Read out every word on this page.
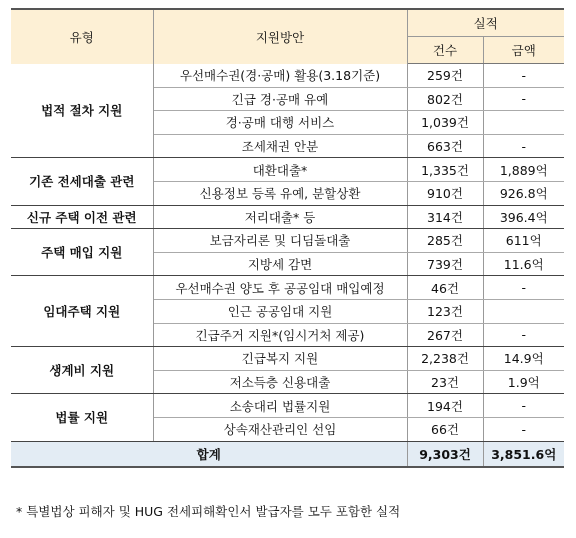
유형	지원방안	실적	
		건수	금액
법적 절차 지원	우선매수권(경·공매) 활용(3.18기준)	259건	-
	긴급 경·공매 유예	802건	-
	경·공매 대행 서비스	1,039건	
	조세채권 안분	663건	-
기존 전세대출 관련	대환대출*	1,335건	1,889억
	신용정보 등록 유예, 분할상환	910건	926.8억
신규 주택 이전 관련	저리대출* 등	314건	396.4억
주택 매입 지원	보금자리론 및 디딤돌대출	285건	611억
	지방세 감면	739건	11.6억
임대주택 지원	우선매수권 양도 후 공공임대 매입예정	46건	-
	인근 공공임대 지원	123건	
	긴급주거 지원*(임시거처 제공)	267건	-
생계비 지원	긴급복지 지원	2,238건	14.9억
	저소득층 신용대출	23건	1.9억
법률 지원	소송대리 법률지원	194건	-
	상속재산관리인 선임	66건	-
합계		9,303건	3,851.6억
* 특별법상 피해자 및 HUG 전세피해확인서 발급자를 모두 포함한 실적
